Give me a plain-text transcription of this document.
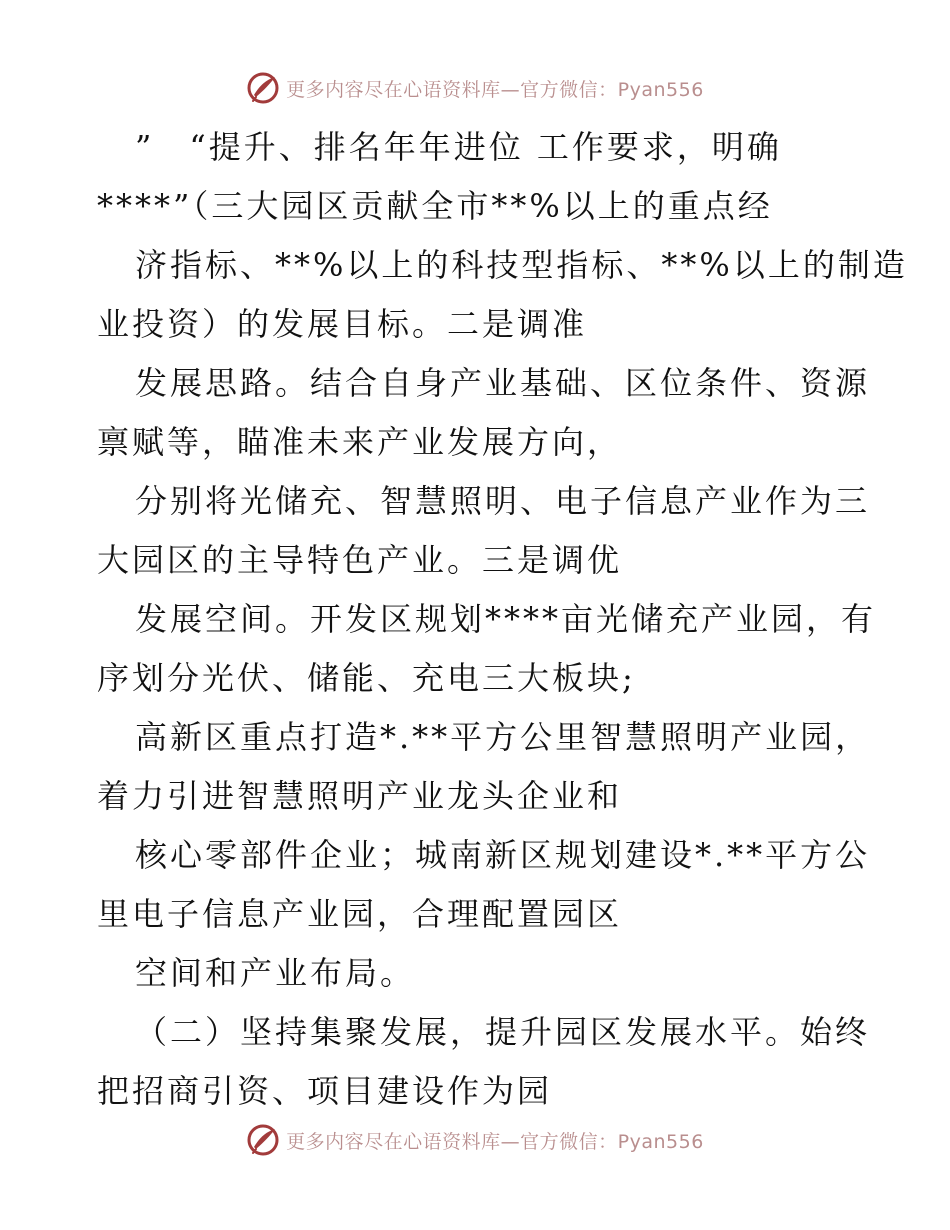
更多内容尽在心语资料库—官方微信：Pyan556
”　“提升、排名年年进位 工作要求，明确
****”（三大园区贡献全市**%以上的重点经
济指标、**%以上的科技型指标、**%以上的制造
业投资）的发展目标。二是调准
发展思路。结合自身产业基础、区位条件、资源
禀赋等，瞄准未来产业发展方向，
分别将光储充、智慧照明、电子信息产业作为三
大园区的主导特色产业。三是调优
发展空间。开发区规划****亩光储充产业园，有
序划分光伏、储能、充电三大板块;
高新区重点打造*.**平方公里智慧照明产业园，
着力引进智慧照明产业龙头企业和
核心零部件企业；城南新区规划建设*.**平方公
里电子信息产业园，合理配置园区
空间和产业布局。
（二）坚持集聚发展，提升园区发展水平。始终
把招商引资、项目建设作为园
更多内容尽在心语资料库—官方微信：Pyan556
